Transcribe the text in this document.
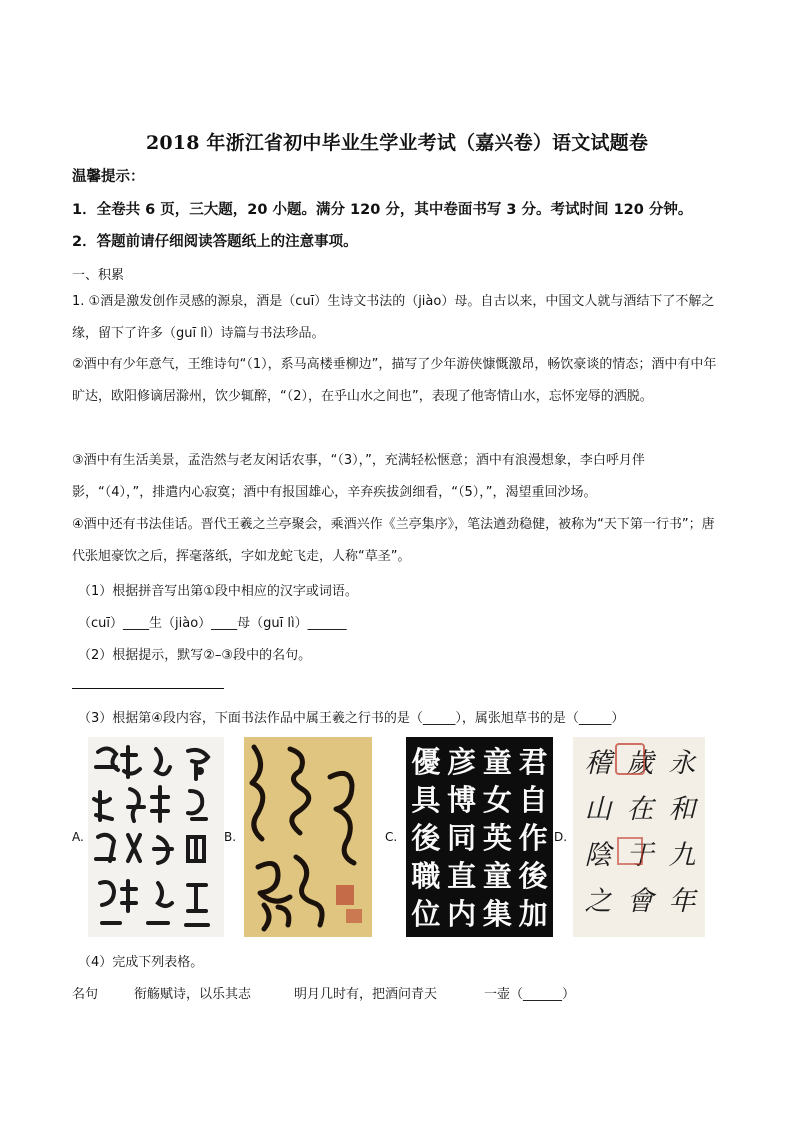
2018 年浙江省初中毕业生学业考试（嘉兴卷）语文试题卷
温馨提示：
1．全卷共 6 页，三大题，20 小题。满分 120 分，其中卷面书写 3 分。考试时间 120 分钟。
2．答题前请仔细阅读答题纸上的注意事项。
一、积累
1. ①酒是激发创作灵感的源泉，酒是（cuī）生诗文书法的（jiào）母。自古以来，中国文人就与酒结下了不解之缘，留下了许多（guī lì）诗篇与书法珍品。
②酒中有少年意气，王维诗句“（1），系马高楼垂柳边”，描写了少年游侠慷慨激昂，畅饮豪谈的情态；酒中有中年旷达，欧阳修谪居滁州，饮少辄醉，“（2），在乎山水之间也”，表现了他寄情山水，忘怀宠辱的洒脱。
③酒中有生活美景，孟浩然与老友闲话农事，“（3），”，充满轻松惬意；酒中有浪漫想象，李白呼月伴影，“（4），”，排遣内心寂寞；酒中有报国雄心，辛弃疾拔剑细看，“（5），”，渴望重回沙场。
④酒中还有书法佳话。晋代王羲之兰亭聚会，乘酒兴作《兰亭集序》，笔法遒劲稳健，被称为“天下第一行书”；唐代张旭豪饮之后，挥毫落纸，字如龙蛇飞走，人称“草圣”。
（1）根据拼音写出第①段中相应的汉字或词语。
（cuī）____生（jiào）____母（guī lì）______
（2）根据提示，默写②–③段中的名句。
（3）根据第④段内容，下面书法作品中属王羲之行书的是（_____），属张旭草书的是（_____）
A.	B.	C.	D.
君
自
作
後
加
童
女
英
童
集
彦
博
同
直
内
優
具
後
職
位
永
和
九
年
歲
在
于
會
稽
山
陰
之
（4）完成下列表格。
名句	衔觞赋诗，以乐其志	明月几时有，把酒问青天	一壶（______）
